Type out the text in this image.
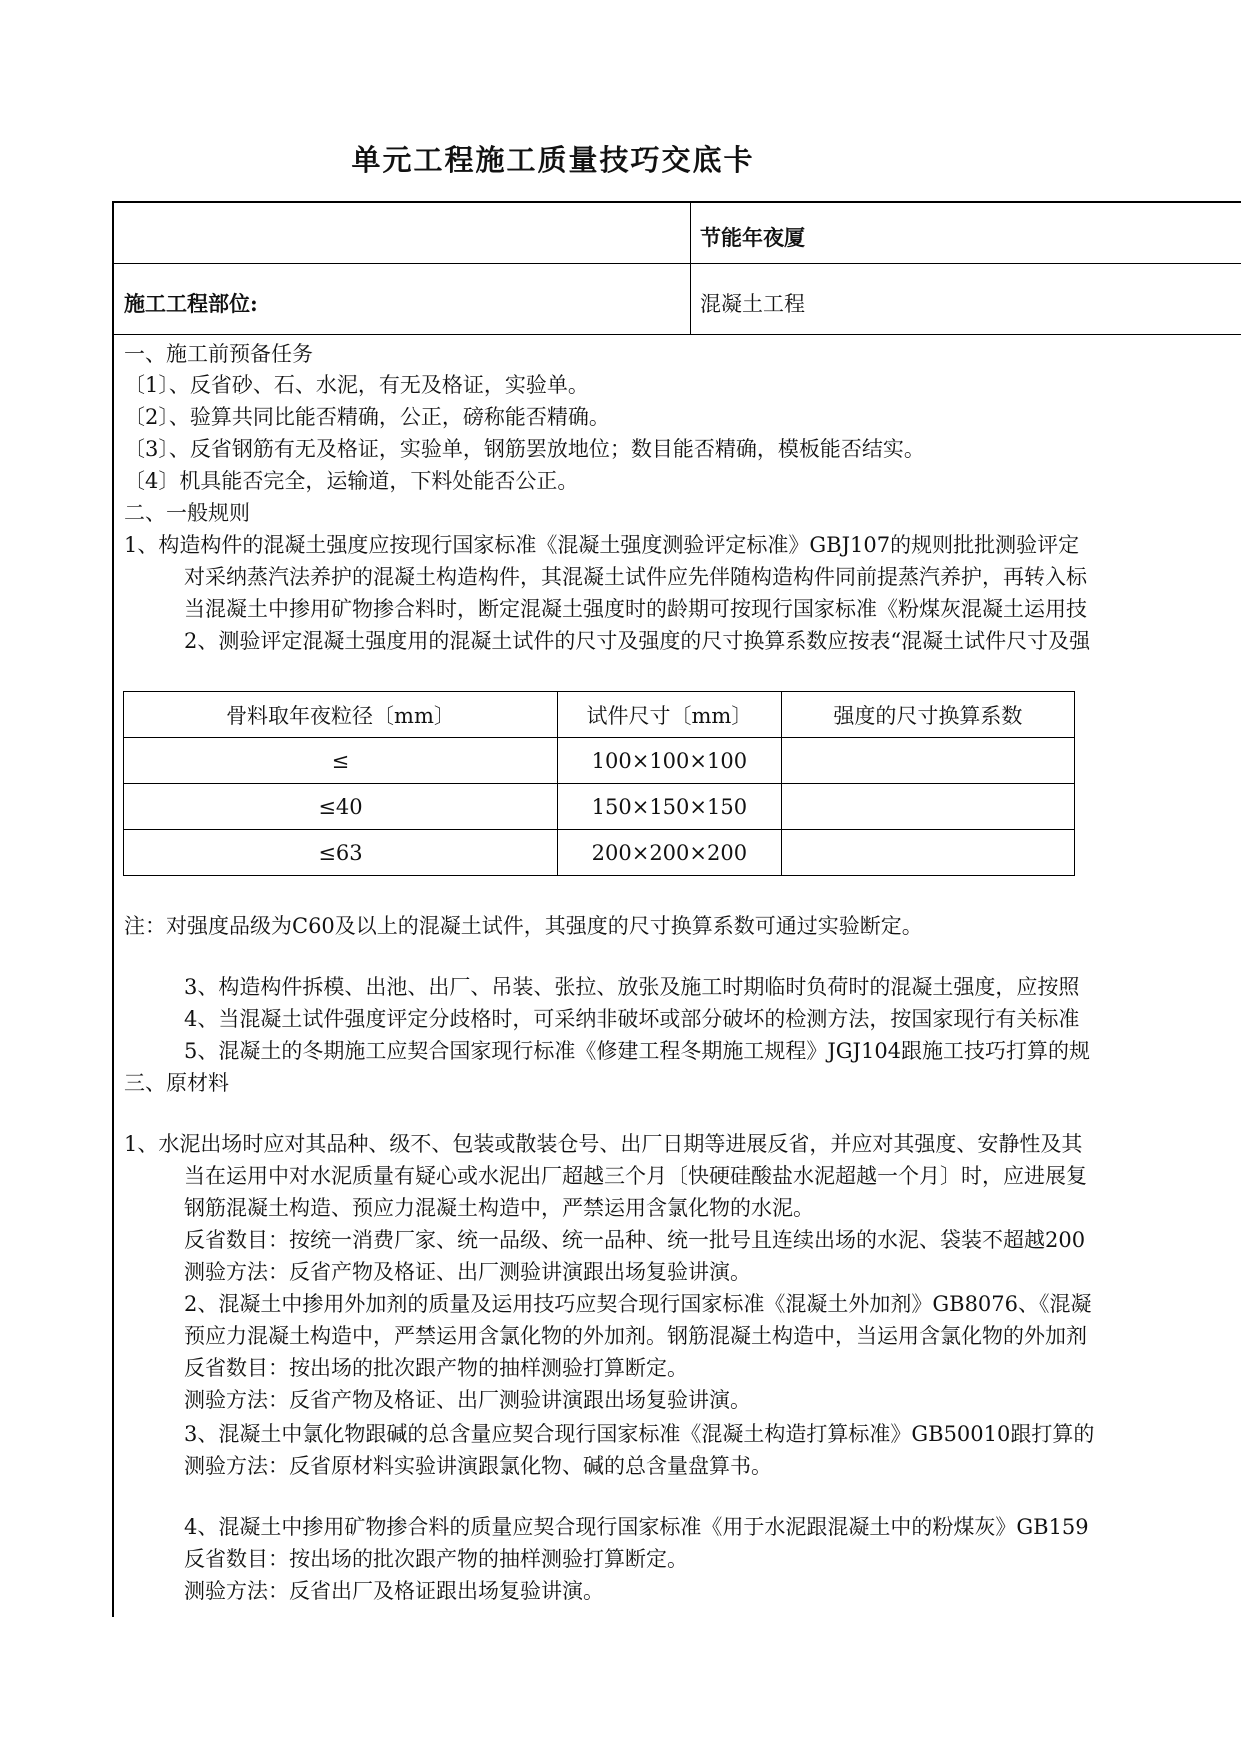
单元工程施工质量技巧交底卡
节能年夜厦
施工工程部位:	混凝土工程
一、施工前预备任务
〔1〕、反省砂、石、水泥，有无及格证，实验单。
〔2〕、验算共同比能否精确，公正，磅称能否精确。
〔3〕、反省钢筋有无及格证，实验单，钢筋罢放地位；数目能否精确，模板能否结实。
〔4〕机具能否完全，运输道，下料处能否公正。
二、一般规则
1、构造构件的混凝土强度应按现行国家标准《混凝土强度测验评定标准》GBJ107的规则批批测验评定
对采纳蒸汽法养护的混凝土构造构件，其混凝土试件应先伴随构造构件同前提蒸汽养护，再转入标
当混凝土中掺用矿物掺合料时，断定混凝土强度时的龄期可按现行国家标准《粉煤灰混凝土运用技
2、测验评定混凝土强度用的混凝土试件的尺寸及强度的尺寸换算系数应按表“混凝土试件尺寸及强
骨料取年夜粒径〔mm〕	试件尺寸〔mm〕	强度的尺寸换算系数
≤	100×100×100	
≤40	150×150×150	
≤63	200×200×200	
注：对强度品级为C60及以上的混凝土试件，其强度的尺寸换算系数可通过实验断定。
3、构造构件拆模、出池、出厂、吊装、张拉、放张及施工时期临时负荷时的混凝土强度，应按照
4、当混凝土试件强度评定分歧格时，可采纳非破坏或部分破坏的检测方法，按国家现行有关标准
5、混凝土的冬期施工应契合国家现行标准《修建工程冬期施工规程》JGJ104跟施工技巧打算的规
三、原材料
1、水泥出场时应对其品种、级不、包装或散装仓号、出厂日期等进展反省，并应对其强度、安静性及其
当在运用中对水泥质量有疑心或水泥出厂超越三个月〔快硬硅酸盐水泥超越一个月〕时，应进展复
钢筋混凝土构造、预应力混凝土构造中，严禁运用含氯化物的水泥。
反省数目：按统一消费厂家、统一品级、统一品种、统一批号且连续出场的水泥、袋装不超越200
测验方法：反省产物及格证、出厂测验讲演跟出场复验讲演。
2、混凝土中掺用外加剂的质量及运用技巧应契合现行国家标准《混凝土外加剂》GB8076、《混凝
预应力混凝土构造中，严禁运用含氯化物的外加剂。钢筋混凝土构造中，当运用含氯化物的外加剂
反省数目：按出场的批次跟产物的抽样测验打算断定。
测验方法：反省产物及格证、出厂测验讲演跟出场复验讲演。
3、混凝土中氯化物跟碱的总含量应契合现行国家标准《混凝土构造打算标准》GB50010跟打算的
测验方法：反省原材料实验讲演跟氯化物、碱的总含量盘算书。
4、混凝土中掺用矿物掺合料的质量应契合现行国家标准《用于水泥跟混凝土中的粉煤灰》GB159
反省数目：按出场的批次跟产物的抽样测验打算断定。
测验方法：反省出厂及格证跟出场复验讲演。
